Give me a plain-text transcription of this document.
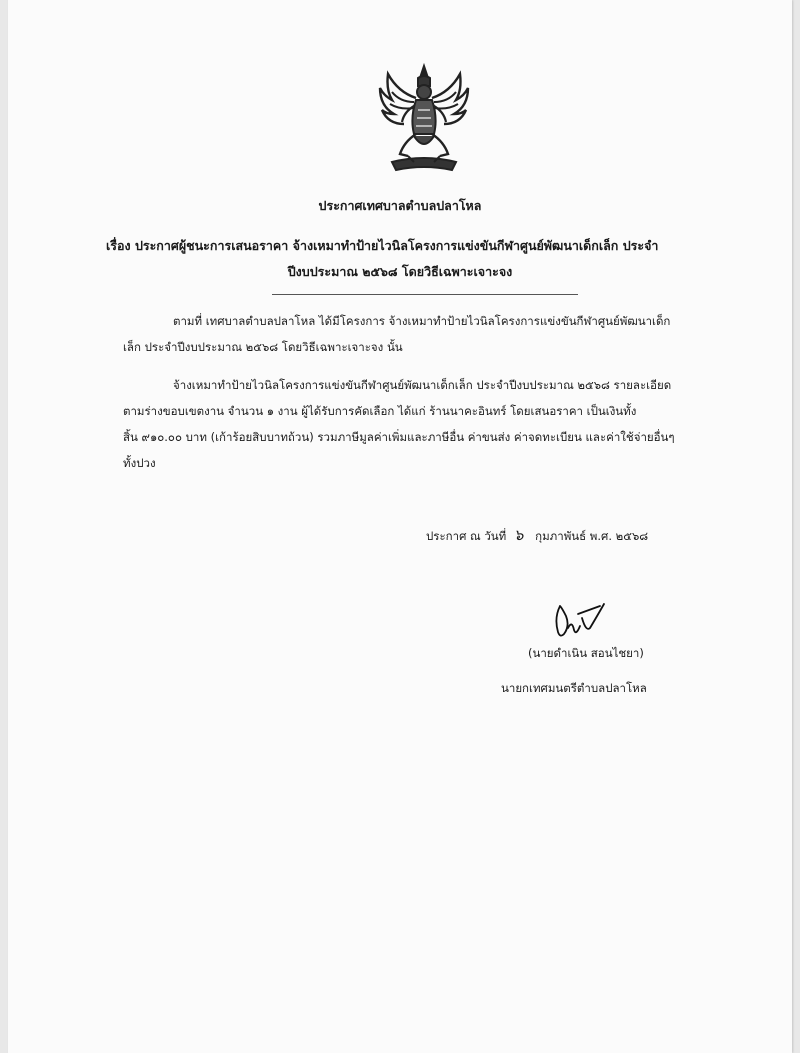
ประกาศเทศบาลตำบลปลาโหล
เรื่อง ประกาศผู้ชนะการเสนอราคา จ้างเหมาทำป้ายไวนิลโครงการแข่งขันกีฬาศูนย์พัฒนาเด็กเล็ก ประจำ
ปีงบประมาณ ๒๕๖๘ โดยวิธีเฉพาะเจาะจง
ตามที่ เทศบาลตำบลปลาโหล ได้มีโครงการ จ้างเหมาทำป้ายไวนิลโครงการแข่งขันกีฬาศูนย์พัฒนาเด็ก
เล็ก ประจำปีงบประมาณ ๒๕๖๘ โดยวิธีเฉพาะเจาะจง นั้น
จ้างเหมาทำป้ายไวนิลโครงการแข่งขันกีฬาศูนย์พัฒนาเด็กเล็ก ประจำปีงบประมาณ ๒๕๖๘ รายละเอียด
ตามร่างขอบเขตงาน จำนวน ๑ งาน ผู้ได้รับการคัดเลือก ได้แก่ ร้านนาคะอินทร์ โดยเสนอราคา เป็นเงินทั้ง
สิ้น ๙๑๐.๐๐ บาท (เก้าร้อยสิบบาทถ้วน) รวมภาษีมูลค่าเพิ่มและภาษีอื่น ค่าขนส่ง ค่าจดทะเบียน และค่าใช้จ่ายอื่นๆ
ทั้งปวง
ประกาศ ณ วันที่ ๖ กุมภาพันธ์ พ.ศ. ๒๕๖๘
(นายดำเนิน สอนไชยา)
นายกเทศมนตรีตำบลปลาโหล
